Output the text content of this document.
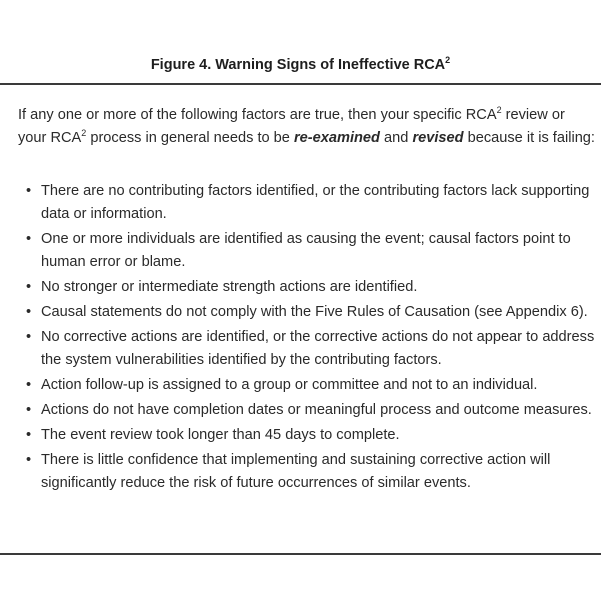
Figure 4. Warning Signs of Ineffective RCA$^2$
If any one or more of the following factors are true, then your specific RCA$^2$ review or your RCA$^2$ process in general needs to be re-examined and revised because it is failing:
• There are no contributing factors identified, or the contributing factors lack supporting data or information.
• One or more individuals are identified as causing the event; causal factors point to human error or blame.
• No stronger or intermediate strength actions are identified.
• Causal statements do not comply with the Five Rules of Causation (see Appendix 6).
• No corrective actions are identified, or the corrective actions do not appear to address the system vulnerabilities identified by the contributing factors.
• Action follow-up is assigned to a group or committee and not to an individual.
• Actions do not have completion dates or meaningful process and outcome measures.
• The event review took longer than 45 days to complete.
• There is little confidence that implementing and sustaining corrective action will significantly reduce the risk of future occurrences of similar events.
